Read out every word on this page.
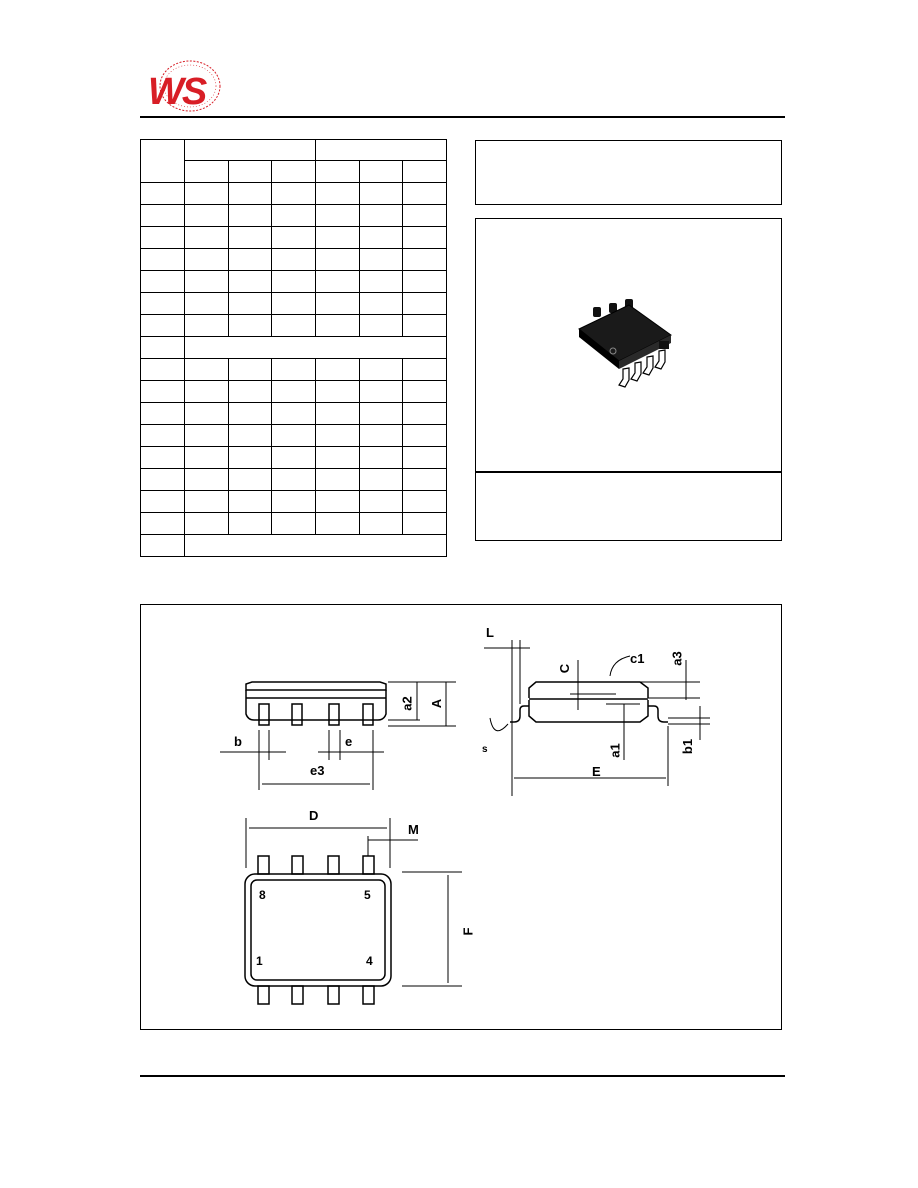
WS

a2 A
b	e
e3
D
M
F
L
C
c1 a3
a1	b1
E
s
8	5
1	4
